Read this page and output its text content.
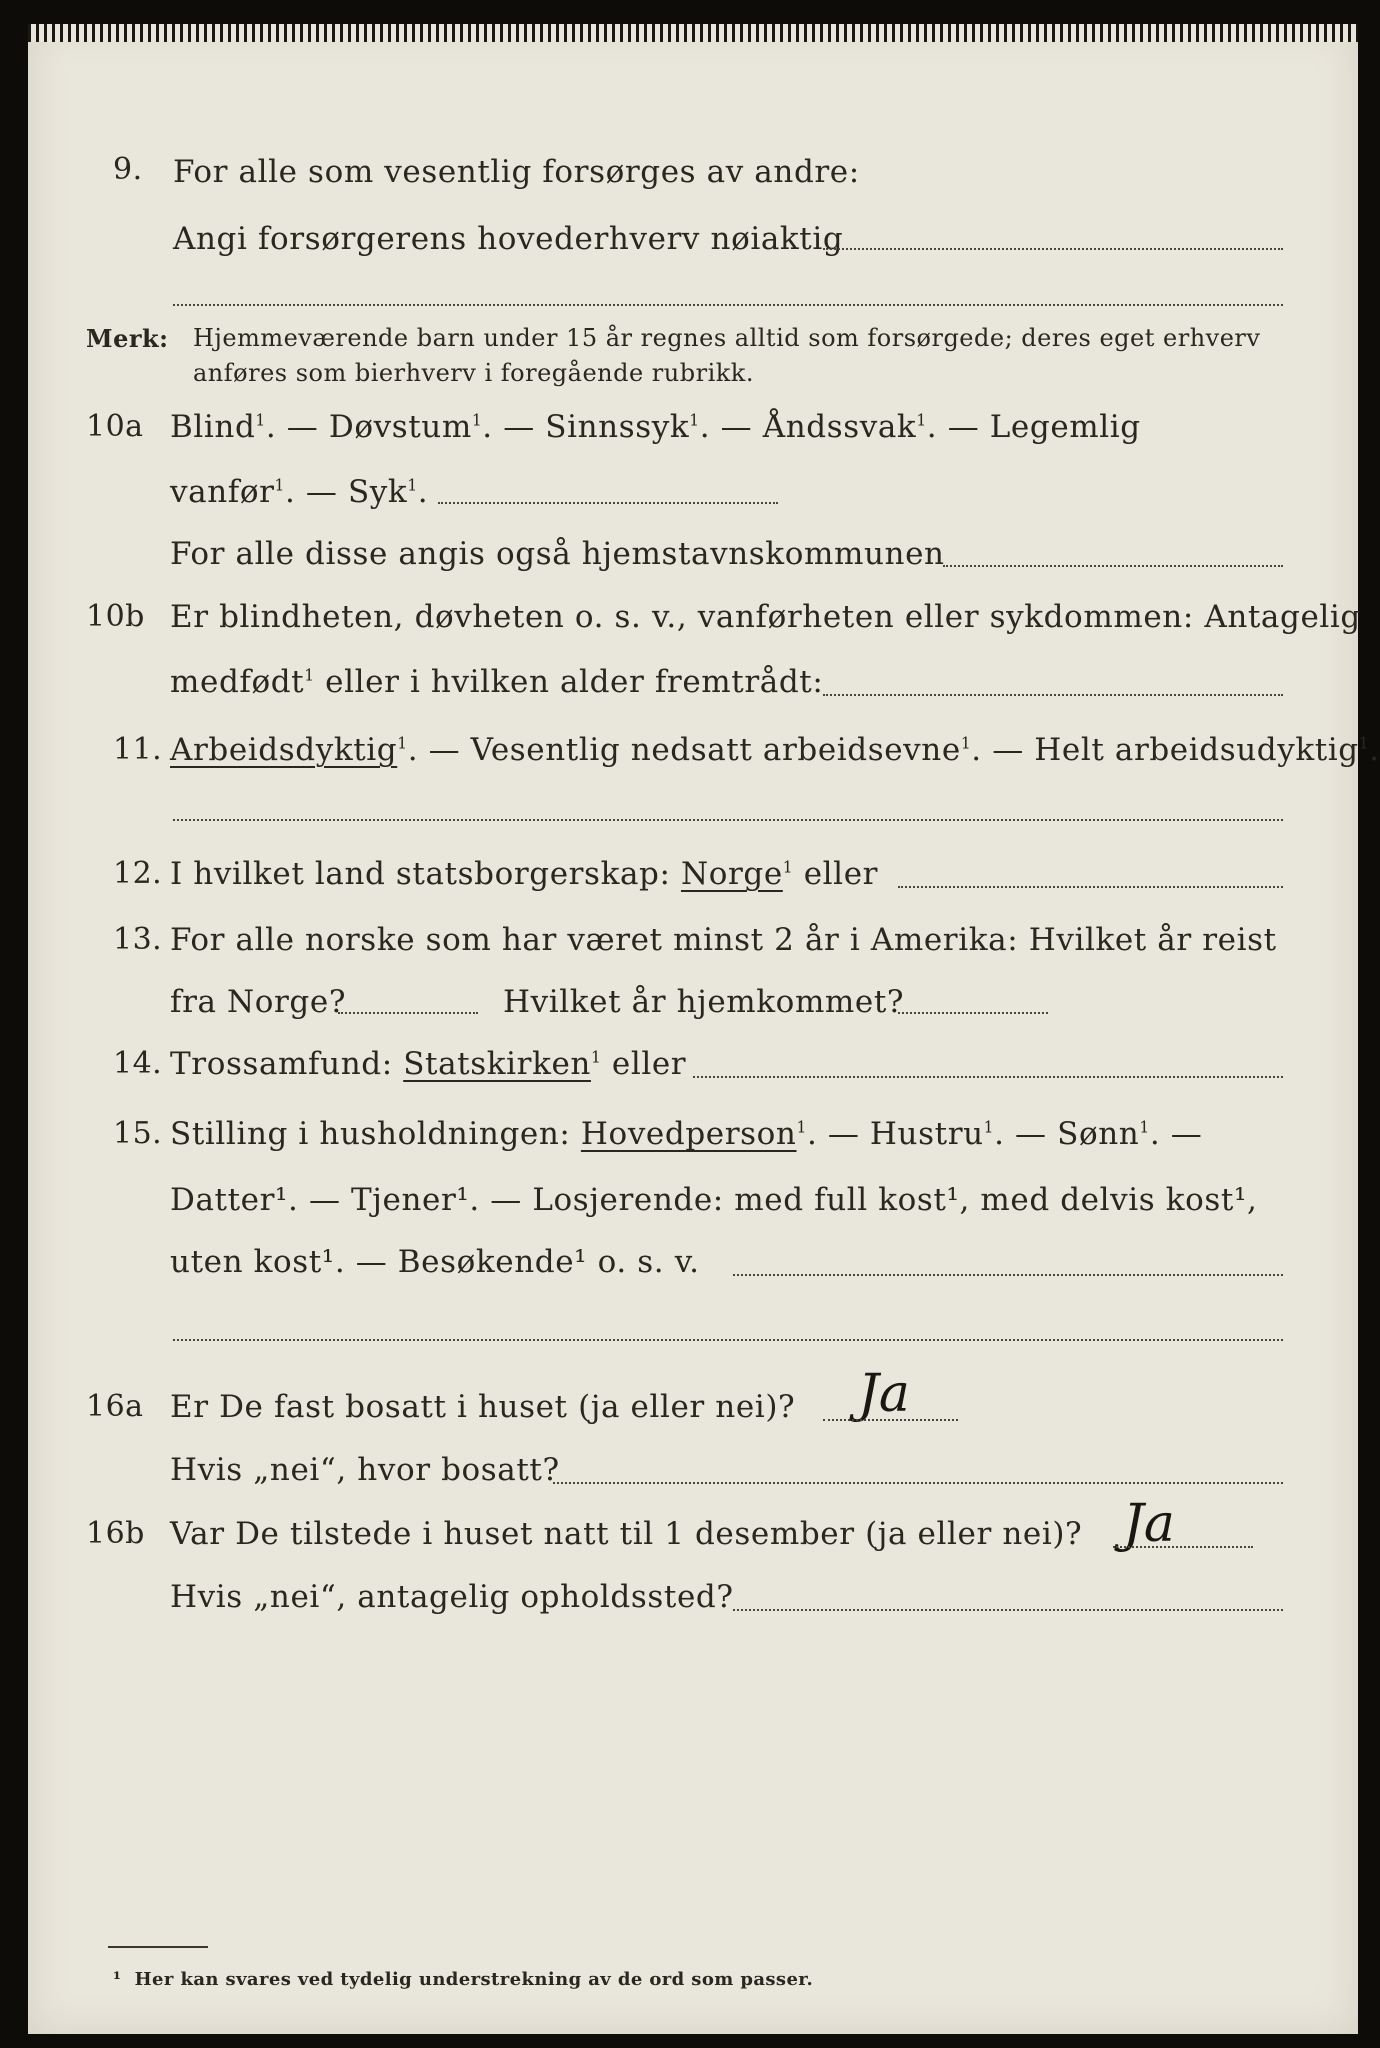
9. For alle som vesentlig forsørges av andre:
Angi forsørgerens hovederhverv nøiaktig
Merk: Hjemmeværende barn under 15 år regnes alltid som forsørgede; deres eget erhverv
anføres som bierhverv i foregående rubrikk.
10a Blind$^1$. — Døvstum$^1$. — Sinnssyk$^1$. — Åndssvak$^1$. — Legemlig
vanfør$^1$. — Syk$^1$.
For alle disse angis også hjemstavnskommunen
10b Er blindheten, døvheten o. s. v., vanførheten eller sykdommen: Antagelig
medfødt$^1$ eller i hvilken alder fremtrådt:
11. Arbeidsdyktig$^1$. — Vesentlig nedsatt arbeidsevne$^1$. — Helt arbeidsudyktig$^1$.
12. I hvilket land statsborgerskap: Norge$^1$ eller
13. For alle norske som har været minst 2 år i Amerika: Hvilket år reist
fra Norge?	Hvilket år hjemkommet?
14. Trossamfund: Statskirken$^1$ eller
15. Stilling i husholdningen: Hovedperson$^1$. — Hustru$^1$. — Sønn$^1$. —
Datter¹. — Tjener¹. — Losjerende: med full kost¹, med delvis kost¹,
uten kost¹. — Besøkende¹ o. s. v.
16a Er De fast bosatt i huset (ja eller nei)? Ja
Hvis „nei“, hvor bosatt?
16b Var De tilstede i huset natt til 1 desember (ja eller nei)? Ja
Hvis „nei“, antagelig opholdssted?
¹ Her kan svares ved tydelig understrekning av de ord som passer.
